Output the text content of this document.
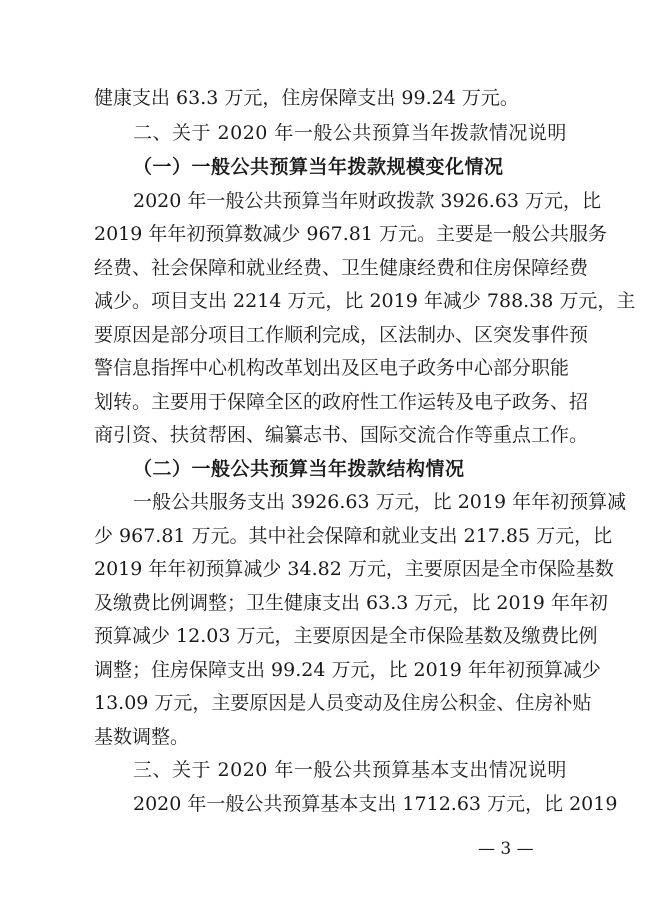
健康支出 63.3 万元，住房保障支出 99.24 万元。
二、关于 2020 年一般公共预算当年拨款情况说明
（一）一般公共预算当年拨款规模变化情况
2020 年一般公共预算当年财政拨款 3926.63 万元，比
2019 年年初预算数减少 967.81 万元。主要是一般公共服务
经费、社会保障和就业经费、卫生健康经费和住房保障经费
减少。项目支出 2214 万元，比 2019 年减少 788.38 万元，主
要原因是部分项目工作顺利完成，区法制办、区突发事件预
警信息指挥中心机构改革划出及区电子政务中心部分职能
划转。主要用于保障全区的政府性工作运转及电子政务、招
商引资、扶贫帮困、编纂志书、国际交流合作等重点工作。
（二）一般公共预算当年拨款结构情况
一般公共服务支出 3926.63 万元，比 2019 年年初预算减
少 967.81 万元。其中社会保障和就业支出 217.85 万元，比
2019 年年初预算减少 34.82 万元，主要原因是全市保险基数
及缴费比例调整；卫生健康支出 63.3 万元，比 2019 年年初
预算减少 12.03 万元，主要原因是全市保险基数及缴费比例
调整；住房保障支出 99.24 万元，比 2019 年年初预算减少
13.09 万元，主要原因是人员变动及住房公积金、住房补贴
基数调整。
三、关于 2020 年一般公共预算基本支出情况说明
2020 年一般公共预算基本支出 1712.63 万元，比 2019
— 3 —
